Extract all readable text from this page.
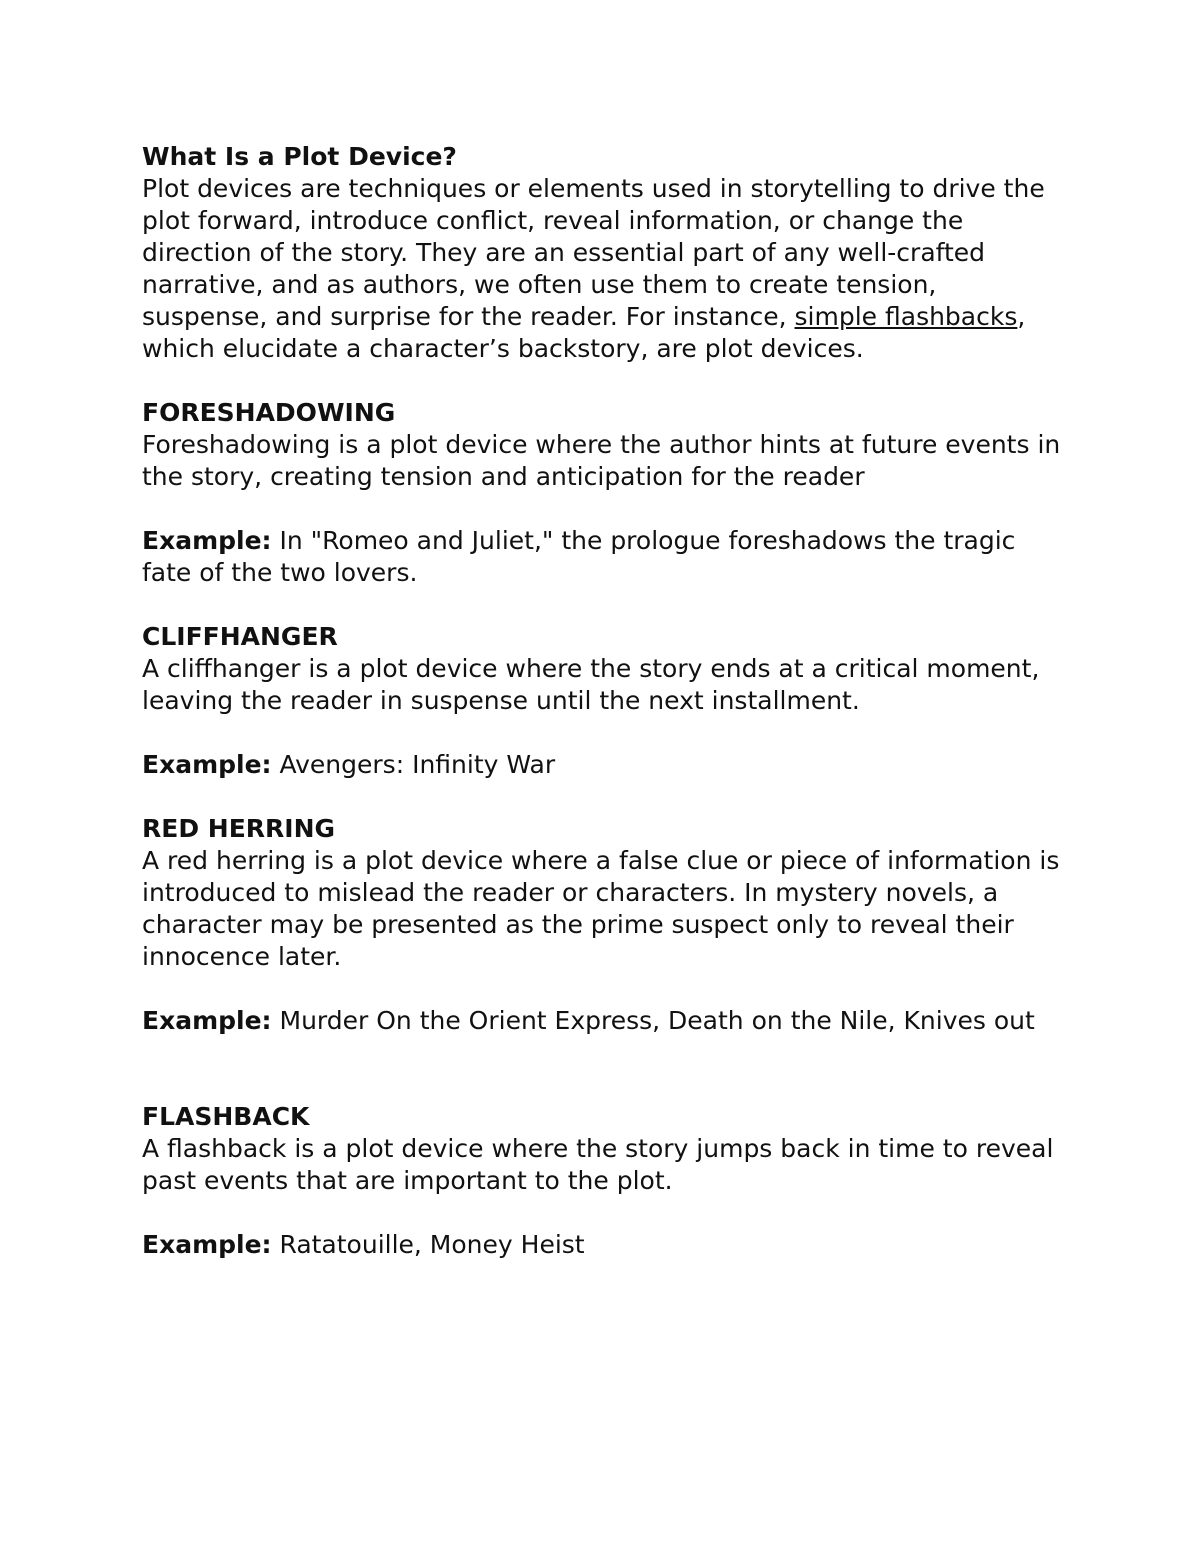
What Is a Plot Device?

Plot devices are techniques or elements used in storytelling to drive the plot forward, introduce conflict, reveal information, or change the direction of the story. They are an essential part of any well-crafted narrative, and as authors, we often use them to create tension, suspense, and surprise for the reader. For instance, simple flashbacks, which elucidate a character’s backstory, are plot devices.

FORESHADOWING

Foreshadowing is a plot device where the author hints at future events in the story, creating tension and anticipation for the reader

Example: In "Romeo and Juliet," the prologue foreshadows the tragic fate of the two lovers.

CLIFFHANGER

A cliffhanger is a plot device where the story ends at a critical moment, leaving the reader in suspense until the next installment.

Example: Avengers: Infinity War

RED HERRING

A red herring is a plot device where a false clue or piece of information is introduced to mislead the reader or characters. In mystery novels, a character may be presented as the prime suspect only to reveal their innocence later.

Example: Murder On the Orient Express, Death on the Nile, Knives out

FLASHBACK

A flashback is a plot device where the story jumps back in time to reveal past events that are important to the plot.

Example: Ratatouille, Money Heist
